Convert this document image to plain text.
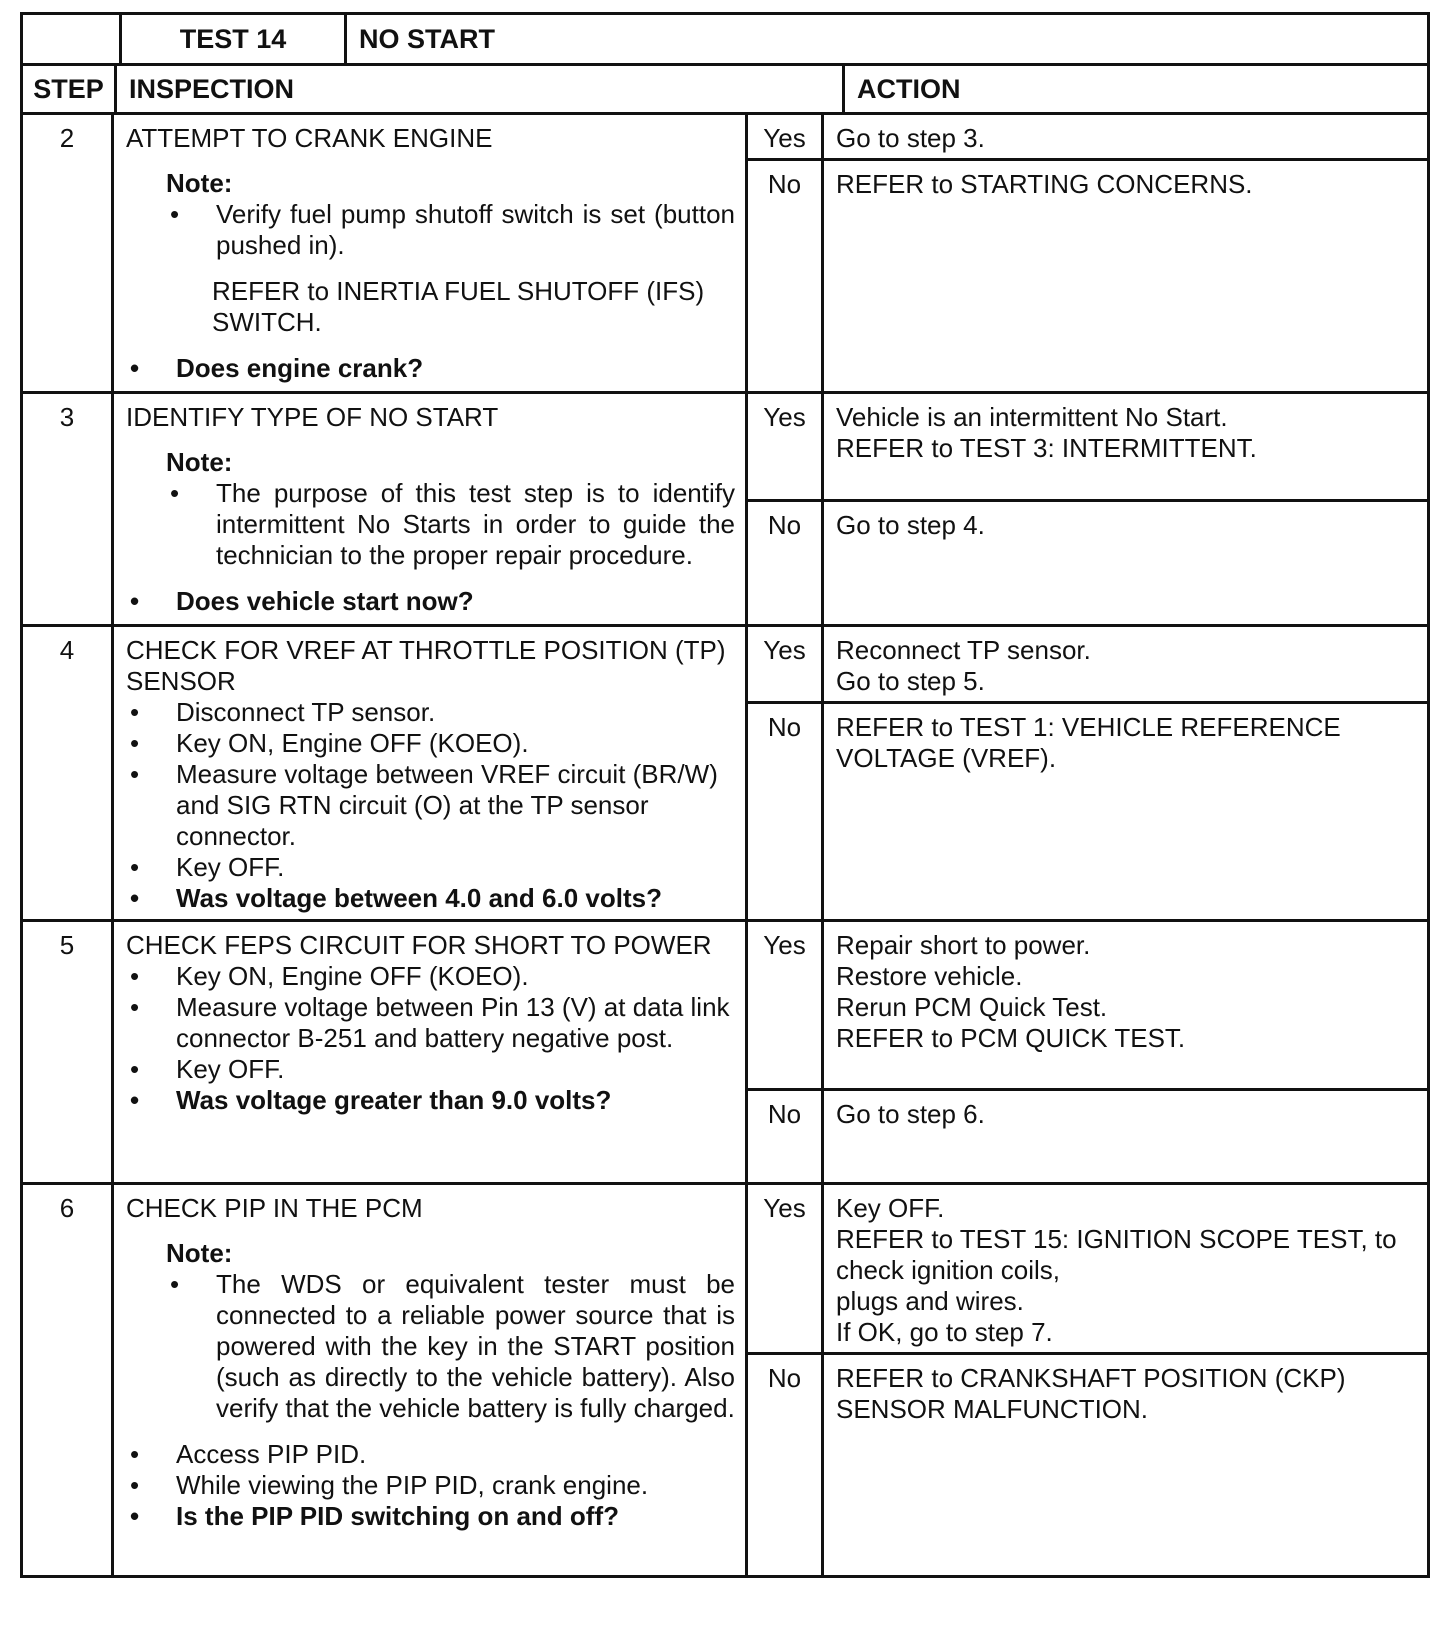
TEST 14	NO START
STEP INSPECTION	ACTION
2	ATTEMPT TO CRANK ENGINE
Note:
•	Verify fuel pump shutoff switch is set (button pushed in).
REFER to INERTIA FUEL SHUTOFF (IFS) SWITCH.
•	Does engine crank?
Yes	Go to step 3.
No	REFER to STARTING CONCERNS.
3	IDENTIFY TYPE OF NO START
Note:
•	The purpose of this test step is to identify intermittent No Starts in order to guide the technician to the proper repair procedure.
•	Does vehicle start now?
Yes	Vehicle is an intermittent No Start.
REFER to TEST 3: INTERMITTENT.
No	Go to step 4.
4	CHECK FOR VREF AT THROTTLE POSITION (TP) SENSOR
•	Disconnect TP sensor.
•	Key ON, Engine OFF (KOEO).
•	Measure voltage between VREF circuit (BR/W) and SIG RTN circuit (O) at the TP sensor connector.
•	Key OFF.
•	Was voltage between 4.0 and 6.0 volts?
Yes	Reconnect TP sensor.
Go to step 5.
No	REFER to TEST 1: VEHICLE REFERENCE VOLTAGE (VREF).
5	CHECK FEPS CIRCUIT FOR SHORT TO POWER
•	Key ON, Engine OFF (KOEO).
•	Measure voltage between Pin 13 (V) at data link connector B-251 and battery negative post.
•	Key OFF.
•	Was voltage greater than 9.0 volts?
Yes	Repair short to power.
Restore vehicle.
Rerun PCM Quick Test.
REFER to PCM QUICK TEST.
No	Go to step 6.
6	CHECK PIP IN THE PCM
Note:
•	The WDS or equivalent tester must be connected to a reliable power source that is powered with the key in the START position (such as directly to the vehicle battery). Also verify that the vehicle battery is fully charged.
•	Access PIP PID.
•	While viewing the PIP PID, crank engine.
•	Is the PIP PID switching on and off?
Yes	Key OFF.
REFER to TEST 15: IGNITION SCOPE TEST, to check ignition coils,
plugs and wires.
If OK, go to step 7.
No	REFER to CRANKSHAFT POSITION (CKP) SENSOR MALFUNCTION.
